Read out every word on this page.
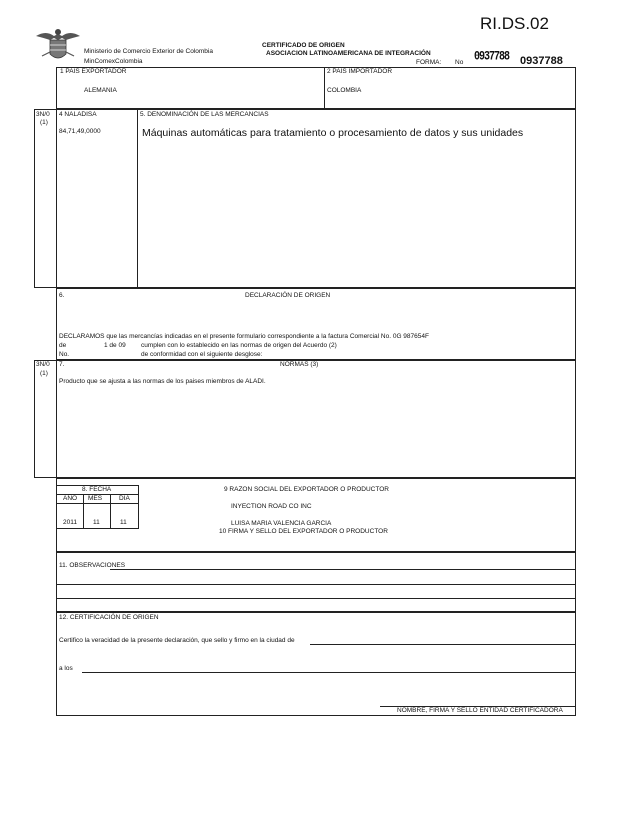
RI.DS.02
Ministerio de Comercio Exterior de Colombia
MinComexColombia
CERTIFICADO DE ORIGEN
ASOCIACION LATINOAMERICANA DE INTEGRACIÓN
FORMA: No 0937788 0937788
1 PAIS EXPORTADOR
ALEMANIA
2 PAIS IMPORTADOR
COLOMBIA
3N/0
(1)
4 NALADISA
84,71,49,0000
5. DENOMINACIÓN DE LAS MERCANCIAS
Máquinas automáticas para tratamiento o procesamiento de datos y sus unidades
6.	DECLARACIÓN DE ORIGEN
DECLARAMOS que las mercancías indicadas en el presente formulario correspondiente a la factura Comercial No. 0G 987654F
de	1 de 09 cumplen con lo establecido en las normas de origen del Acuerdo (2)
No.	de conformidad con el siguiente desglose:
3N/0
(1)
7.	NORMAS (3)
Producto que se ajusta a las normas de los paises miembros de ALADI.
8. FECHA
AÑO MES	DIA
2011 11	11
9 RAZON SOCIAL DEL EXPORTADOR O PRODUCTOR
INYECTION ROAD CO INC
LUISA MARIA VALENCIA GARCIA
10 FIRMA Y SELLO DEL EXPORTADOR O PRODUCTOR
11. OBSERVACIONES
12. CERTIFICACIÓN DE ORIGEN
Certifico la veracidad de la presente declaración, que sello y firmo en la ciudad de
a los
NOMBRE, FIRMA Y SELLO ENTIDAD CERTIFICADORA
